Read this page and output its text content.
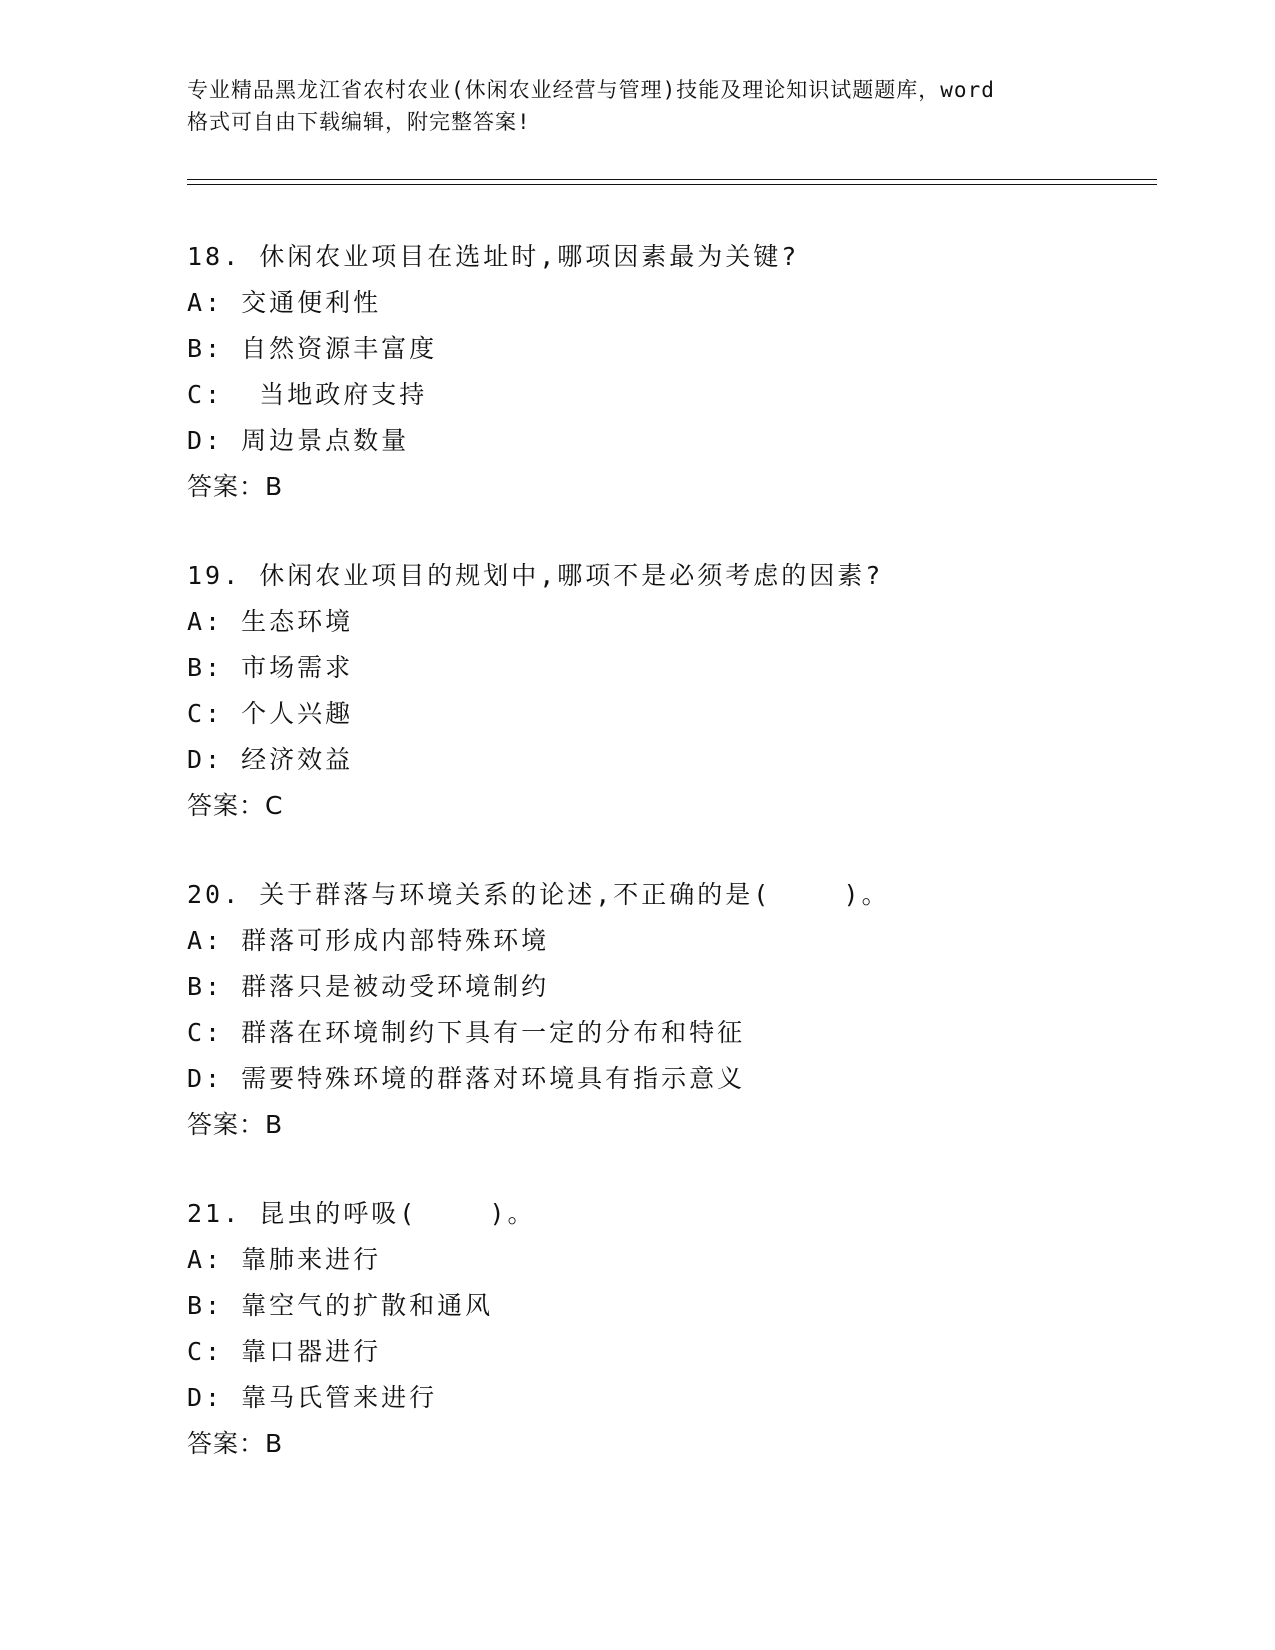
专业精品黑龙江省农村农业(休闲农业经营与管理)技能及理论知识试题题库，word
格式可自由下载编辑，附完整答案!
18. 休闲农业项目在选址时,哪项因素最为关键?
A: 交通便利性
B: 自然资源丰富度
C:  当地政府支持
D: 周边景点数量
答案：B
19. 休闲农业项目的规划中,哪项不是必须考虑的因素?
A: 生态环境
B: 市场需求
C: 个人兴趣
D: 经济效益
答案：C
20. 关于群落与环境关系的论述,不正确的是(    )。
A: 群落可形成内部特殊环境
B: 群落只是被动受环境制约
C: 群落在环境制约下具有一定的分布和特征
D: 需要特殊环境的群落对环境具有指示意义
答案：B
21. 昆虫的呼吸(    )。
A: 靠肺来进行
B: 靠空气的扩散和通风
C: 靠口器进行
D: 靠马氏管来进行
答案：B
